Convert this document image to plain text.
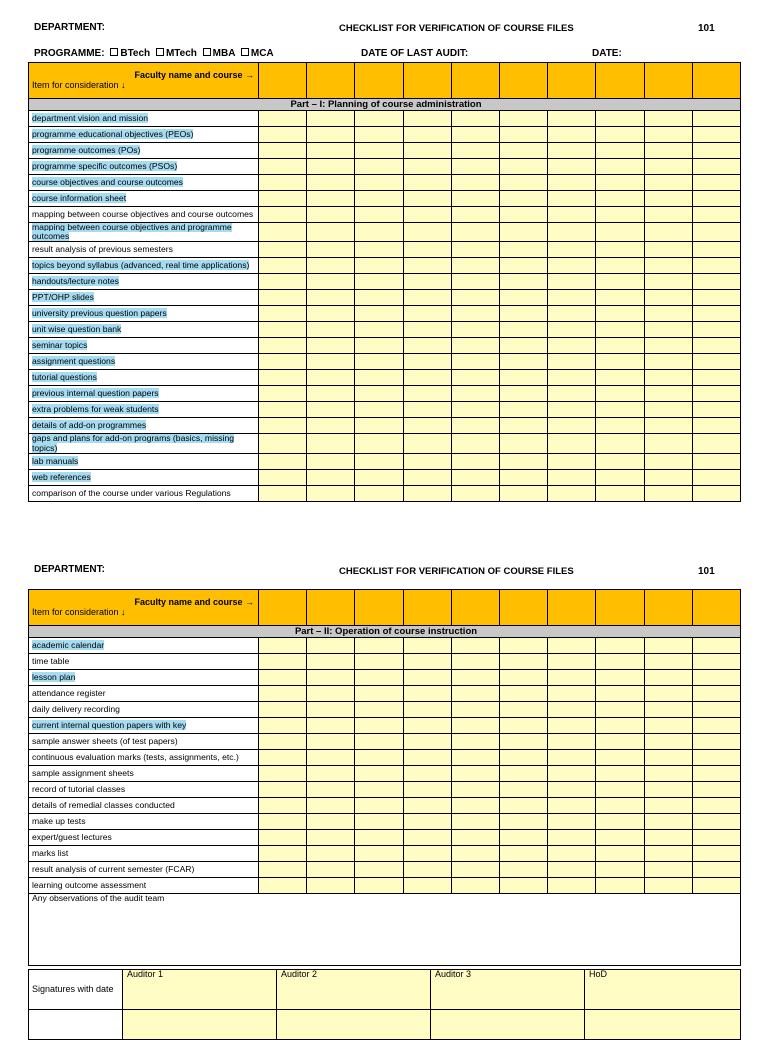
DEPARTMENT:	CHECKLIST FOR VERIFICATION OF COURSE FILES	101
PROGRAMME: BTech MTech MBA MCA	DATE OF LAST AUDIT:	DATE:
Faculty name and course →
Item for consideration ↓										

Part – I: Planning of course administration										
department vision and mission										
programme educational objectives (PEOs)										
programme outcomes (POs)										
programme specific outcomes (PSOs)										
course objectives and course outcomes										
course information sheet										
mapping between course objectives and course outcomes										
mapping between course objectives and programme outcomes										
result analysis of previous semesters										
topics beyond syllabus (advanced, real time applications)										
handouts/lecture notes										
PPT/OHP slides										
university previous question papers										
unit wise question bank										
seminar topics										
assignment questions										
tutorial questions										
previous internal question papers										
extra problems for weak students										
details of add-on programmes										
gaps and plans for add-on programs (basics, missing topics)										
lab manuals										
web references										
comparison of the course under various Regulations										
DEPARTMENT:	CHECKLIST FOR VERIFICATION OF COURSE FILES	101
Faculty name and course →
Item for consideration ↓										

Part – II: Operation of course instruction										
academic calendar										
time table										
lesson plan										
attendance register										
daily delivery recording										
current internal question papers with key										
sample answer sheets (of test papers)										
continuous evaluation marks (tests, assignments, etc.)										
sample assignment sheets										
record of tutorial classes										
details of remedial classes conducted										
make up tests										
expert/guest lectures										
marks list										
result analysis of current semester (FCAR)										
learning outcome assessment										
Any observations of the audit team										
Signatures with date	Auditor 1	Auditor 2	Auditor 3	HoD
